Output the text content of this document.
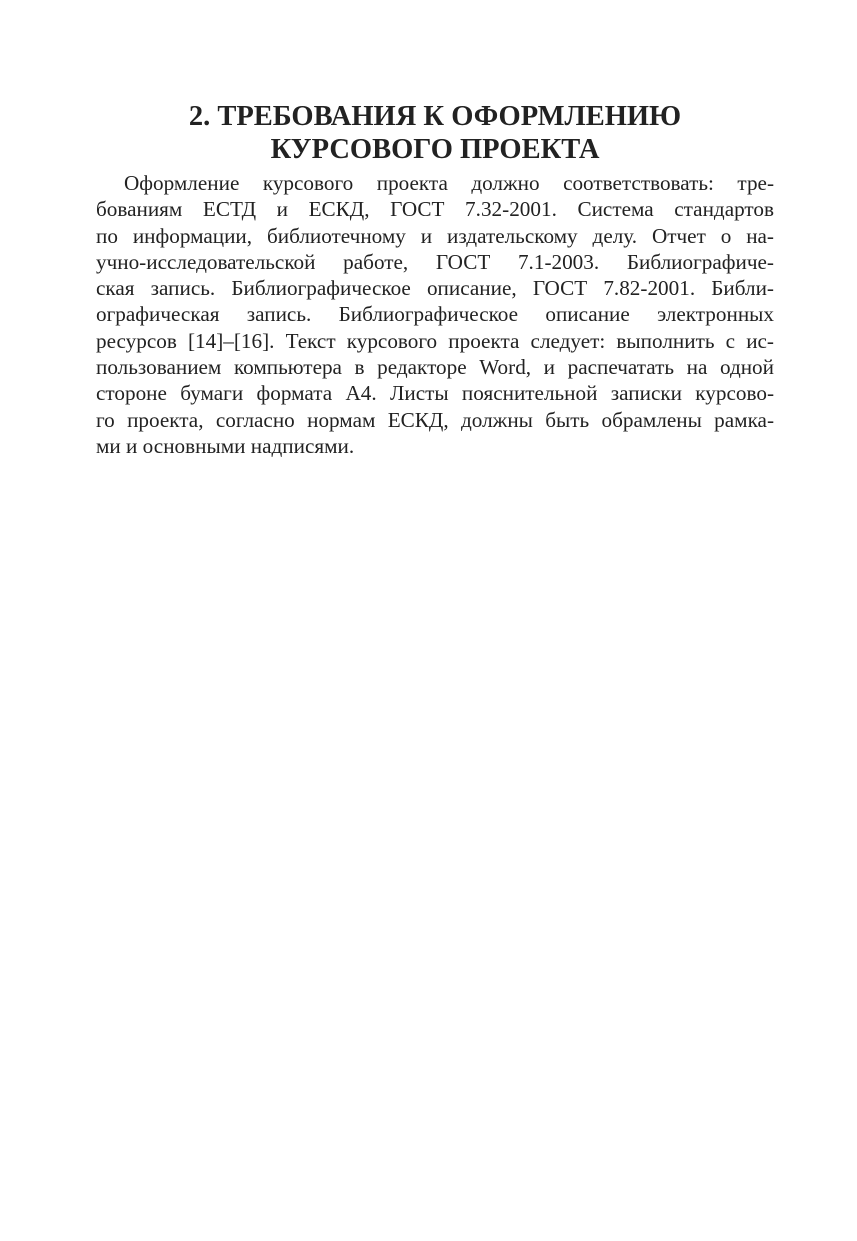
2. ТРЕБОВАНИЯ К ОФОРМЛЕНИЮ
КУРСОВОГО ПРОЕКТА
Оформление курсового проекта должно соответствовать: тре-
бованиям ЕСТД и ЕСКД, ГОСТ 7.32-2001. Система стандартов
по информации, библиотечному и издательскому делу. Отчет о на-
учно-исследовательской работе, ГОСТ 7.1-2003. Библиографиче-
ская запись. Библиографическое описание, ГОСТ 7.82-2001. Библи-
ографическая запись. Библиографическое описание электронных
ресурсов [14]–[16]. Текст курсового проекта следует: выполнить с ис-
пользованием компьютера в редакторе Word, и распечатать на одной
стороне бумаги формата А4. Листы пояснительной записки курсово-
го проекта, согласно нормам ЕСКД, должны быть обрамлены рамка-
ми и основными надписями.
